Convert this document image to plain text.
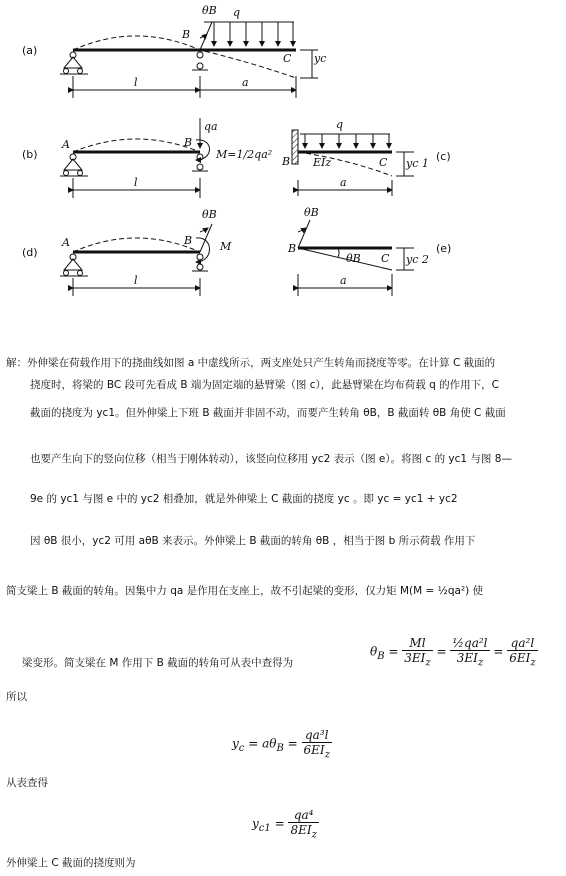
(a)
q
θB
B
C yc
l	a
(b)
A	B
qa
M=1/2qa²
l
q
B EIz	C yc 1
(c)
a
(d)
θB
A	B	M
l
θB
B
θB C yc 2
(e)
a
解：外伸梁在荷载作用下的挠曲线如图 a 中虚线所示，两支座处只产生转角而挠度等零。在计算 C 截面的
挠度时，将梁的 BC 段可先看成 B 端为固定端的悬臂梁（图 c），此悬臂梁在均布荷载 q 的作用下，C
截面的挠度为 yc1。但外伸梁上下班 B 截面并非固不动，而要产生转角 θB，B 截面转 θB 角使 C 截面
也要产生向下的竖向位移（相当于刚体转动），该竖向位移用 yc2 表示（图 e）。将图 c 的 yc1 与图 8—
9e 的 yc1 与图 e 中的 yc2 相叠加，就是外伸梁上 C 截面的挠度 yc 。即 yc = yc1 + yc2
因 θB 很小，yc2 可用 aθB 来表示。外伸梁上 B 截面的转角 θB ，相当于图 b 所示荷载 作用下
简支梁上 B 截面的转角。因集中力 qa 是作用在支座上，故不引起梁的变形，仅力矩 M(M = ½qa²) 使
梁变形。简支梁在 M 作用下 B 截面的转角可从表中查得为
$\theta_B = \frac{Ml}{3EI_z} = \frac{\text{½qa²l}}{3EI_z} = \frac{\text{qa²l}}{6EI_z}$
所以
$y_c = a\theta_B = \frac{\text{qa³l}}{6EI_z}$
从表查得
$y_{c1} = \frac{\text{qa⁴}}{8EI_z}$
外伸梁上 C 截面的挠度则为
